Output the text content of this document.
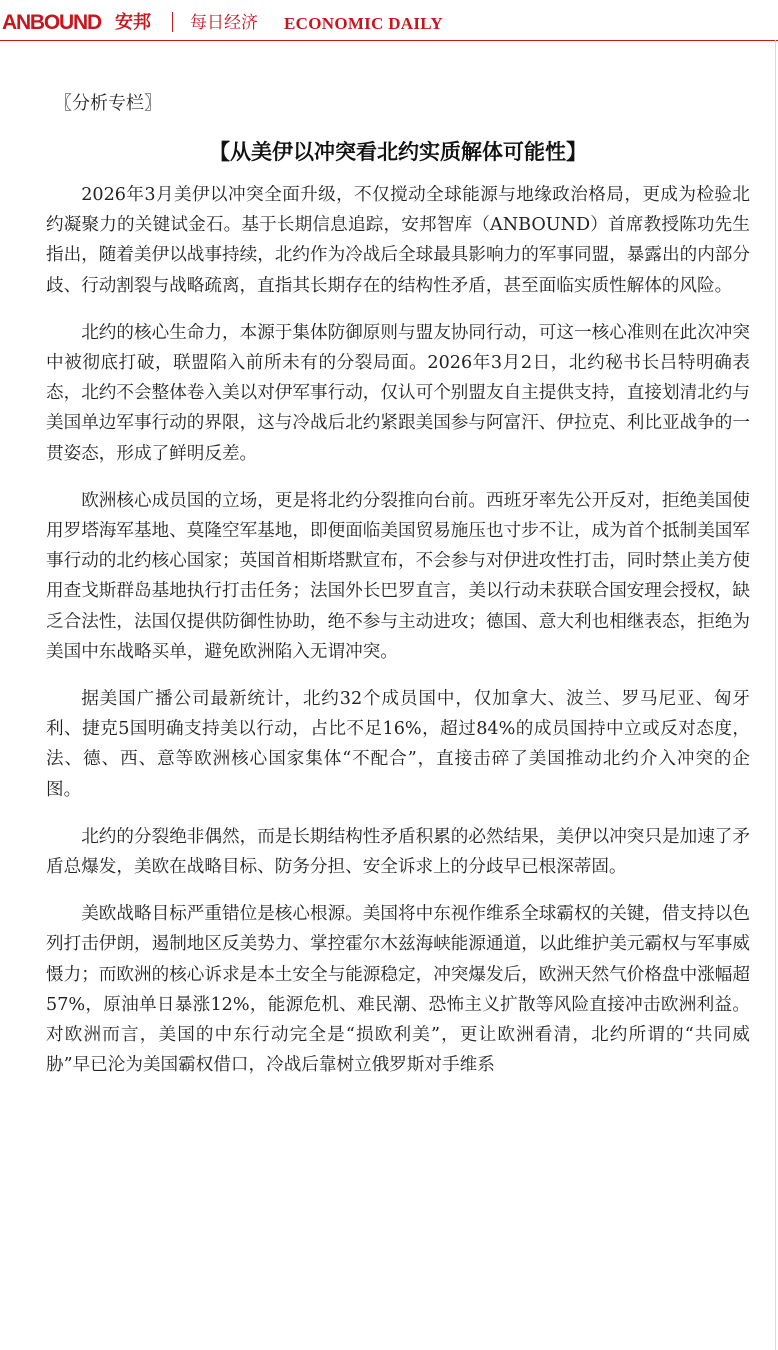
ANBOUND 安邦 每日经济 ECONOMIC DAILY
〖分析专栏〗
【从美伊以冲突看北约实质解体可能性】

2026年3月美伊以冲突全面升级，不仅搅动全球能源与地缘政治格局，更成为检验北约凝聚力的关键试金石。基于长期信息追踪，安邦智库（ANBOUND）首席教授陈功先生指出，随着美伊以战事持续，北约作为冷战后全球最具影响力的军事同盟，暴露出的内部分歧、行动割裂与战略疏离，直指其长期存在的结构性矛盾，甚至面临实质性解体的风险。

北约的核心生命力，本源于集体防御原则与盟友协同行动，可这一核心准则在此次冲突中被彻底打破，联盟陷入前所未有的分裂局面。2026年3月2日，北约秘书长吕特明确表态，北约不会整体卷入美以对伊军事行动，仅认可个别盟友自主提供支持，直接划清北约与美国单边军事行动的界限，这与冷战后北约紧跟美国参与阿富汗、伊拉克、利比亚战争的一贯姿态，形成了鲜明反差。

欧洲核心成员国的立场，更是将北约分裂推向台前。西班牙率先公开反对，拒绝美国使用罗塔海军基地、莫隆空军基地，即便面临美国贸易施压也寸步不让，成为首个抵制美国军事行动的北约核心国家；英国首相斯塔默宣布，不会参与对伊进攻性打击，同时禁止美方使用查戈斯群岛基地执行打击任务；法国外长巴罗直言，美以行动未获联合国安理会授权，缺乏合法性，法国仅提供防御性协助，绝不参与主动进攻；德国、意大利也相继表态，拒绝为美国中东战略买单，避免欧洲陷入无谓冲突。

据美国广播公司最新统计，北约32个成员国中，仅加拿大、波兰、罗马尼亚、匈牙利、捷克5国明确支持美以行动，占比不足16%，超过84%的成员国持中立或反对态度，法、德、西、意等欧洲核心国家集体“不配合”，直接击碎了美国推动北约介入冲突的企图。

北约的分裂绝非偶然，而是长期结构性矛盾积累的必然结果，美伊以冲突只是加速了矛盾总爆发，美欧在战略目标、防务分担、安全诉求上的分歧早已根深蒂固。

美欧战略目标严重错位是核心根源。美国将中东视作维系全球霸权的关键，借支持以色列打击伊朗，遏制地区反美势力、掌控霍尔木兹海峡能源通道，以此维护美元霸权与军事威慑力；而欧洲的核心诉求是本土安全与能源稳定，冲突爆发后，欧洲天然气价格盘中涨幅超57%，原油单日暴涨12%，能源危机、难民潮、恐怖主义扩散等风险直接冲击欧洲利益。对欧洲而言，美国的中东行动完全是“损欧利美”，更让欧洲看清，北约所谓的“共同威胁”早已沦为美国霸权借口，冷战后靠树立俄罗斯对手维系
